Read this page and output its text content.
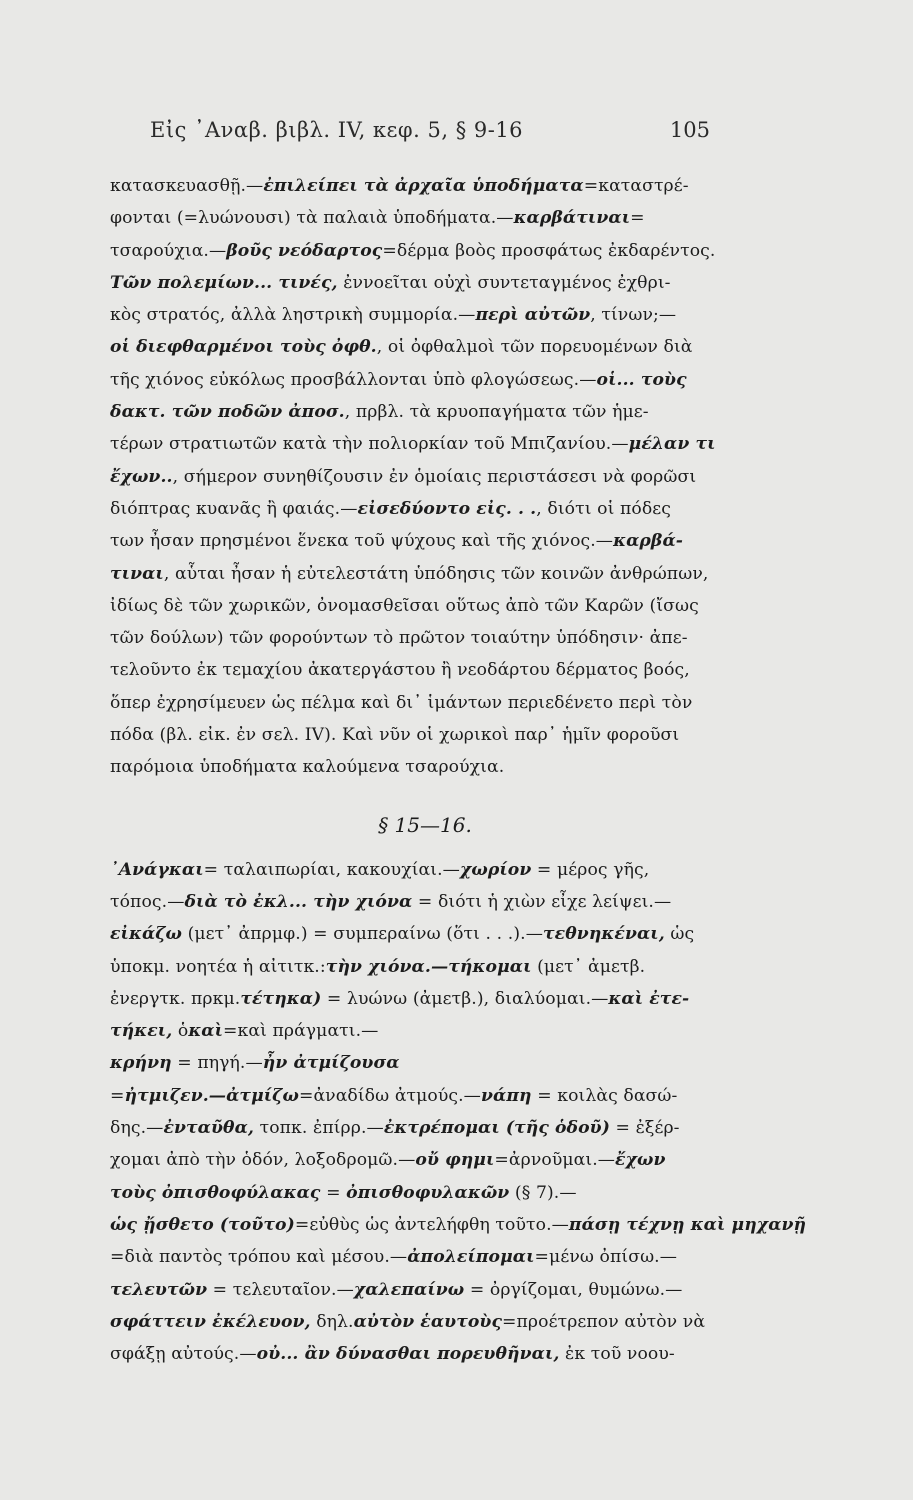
Εἰς ᾿Αναβ. βιβλ. IV, κεφ. 5, § 9-16	105
κατασκευασθῇ.—ἐπιλείπει τὰ ἀρχαῖα ὑποδήματα=καταστρέ-
φονται (=λυώνουσι) τὰ παλαιὰ ὑποδήματα.—καρβάτιναι=
τσαρούχια.—βοῦς νεόδαρτος=δέρμα βοὸς προσφάτως ἐκδαρέντος.
Τῶν πολεμίων... τινές, ἐννοεῖται οὐχὶ συντεταγμένος ἐχθρι-
κὸς στρατός, ἀλλὰ ληστρικὴ συμμορία.—περὶ αὐτῶν, τίνων;—
οἱ διεφθαρμένοι τοὺς ὀφθ., οἱ ὀφθαλμοὶ τῶν πορευομένων διὰ
τῆς χιόνος εὐκόλως προσβάλλονται ὑπὸ φλογώσεως.—οἱ... τοὺς
δακτ. τῶν ποδῶν ἀποσ., πρβλ. τὰ κρυοπαγήματα τῶν ἡμε-
τέρων στρατιωτῶν κατὰ τὴν πολιορκίαν τοῦ Μπιζανίου.—μέλαν τι
ἔχων.., σήμερον συνηθίζουσιν ἐν ὁμοίαις περιστάσεσι νὰ φορῶσι
διόπτρας κυανᾶς ἢ φαιάς.—εἰσεδύοντο εἰς. . ., διότι οἱ πόδες
των ἦσαν πρησμένοι ἕνεκα τοῦ ψύχους καὶ τῆς χιόνος.—καρβά-
τιναι, αὗται ἦσαν ἡ εὐτελεστάτη ὑπόδησις τῶν κοινῶν ἀνθρώπων,
ἰδίως δὲ τῶν χωρικῶν, ὀνομασθεῖσαι οὕτως ἀπὸ τῶν Καρῶν (ἴσως
τῶν δούλων) τῶν φορούντων τὸ πρῶτον τοιαύτην ὑπόδησιν· ἀπε-
τελοῦντο ἐκ τεμαχίου ἀκατεργάστου ἢ νεοδάρτου δέρματος βοός,
ὅπερ ἐχρησίμευεν ὡς πέλμα καὶ δι᾿ ἱμάντων περιεδένετο περὶ τὸν
πόδα (βλ. εἰκ. ἐν σελ. IV). Καὶ νῦν οἱ χωρικοὶ παρ᾿ ἡμῖν φοροῦσι
παρόμοια ὑποδήματα καλούμενα τσαρούχια.
§ 15—16.
᾿Ανάγκαι= ταλαιπωρίαι, κακουχίαι.—χωρίον = μέρος γῆς,
τόπος.—διὰ τὸ ἐκλ... τὴν χιόνα = διότι ἡ χιὼν εἶχε λείψει.—
εἰκάζω (μετ᾿ ἀπρμφ.) = συμπεραίνω (ὅτι . . .).—τεθνηκέναι, ὡς
ὑποκμ. νοητέα ἡ αἰτιτκ.:τὴν χιόνα.—τήκομαι (μετ᾿ ἀμετβ.
ἐνεργτκ. πρκμ.τέτηκα) = λυώνω (ἀμετβ.), διαλύομαι.—καὶ ἐτε-
τήκει, ὁκαὶ=καὶ πράγματι.—
κρήνη = πηγή.—ἦν ἀτμίζουσα
=ἠτμιζεν.—ἀτμίζω=ἀναδίδω ἀτμούς.—νάπη = κοιλὰς δασώ-
δης.—ἐνταῦθα, τοπκ. ἐπίρρ.—ἐκτρέπομαι (τῆς ὁδοῦ) = ἐξέρ-
χομαι ἀπὸ τὴν ὁδόν, λοξοδρομῶ.—οὔ φημι=ἀρνοῦμαι.—ἔχων
τοὺς ὀπισθοφύλακας = ὀπισθοφυλακῶν (§ 7).—
ὡς ᾔσθετο (τοῦτο)=εὐθὺς ὡς ἀντελήφθη τοῦτο.—πάσῃ τέχνῃ καὶ μηχανῇ
=διὰ παντὸς τρόπου καὶ μέσου.—ἀπολείπομαι=μένω ὀπίσω.—
τελευτῶν = τελευταῖον.—χαλεπαίνω = ὀργίζομαι, θυμώνω.—
σφάττειν ἐκέλευον, δηλ.αὐτὸν ἑαυτοὺς=προέτρεπον αὐτὸν νὰ
σφάξῃ αὐτούς.—οὐ... ἂν δύνασθαι πορευθῆναι, ἐκ τοῦ νοου-
